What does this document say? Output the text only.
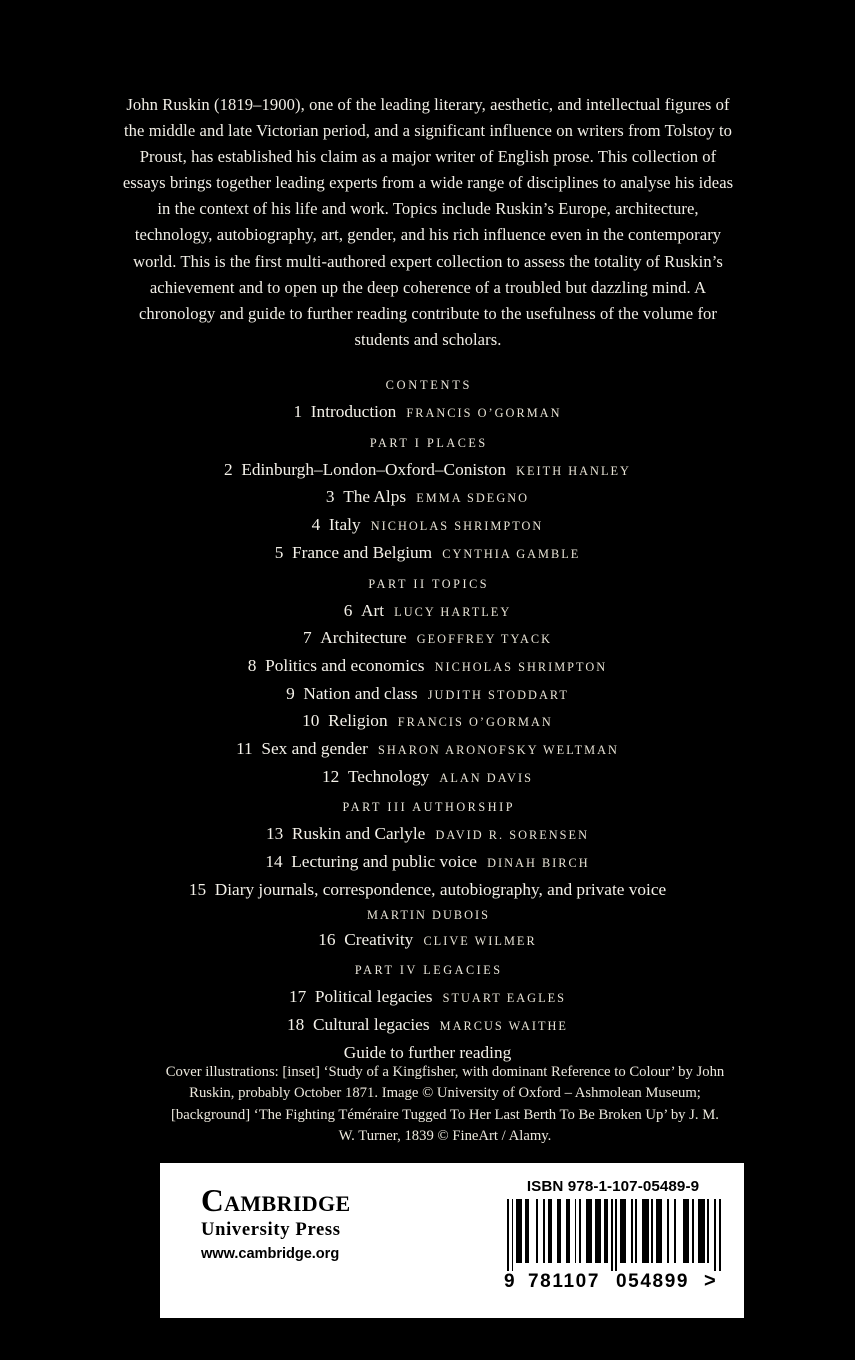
John Ruskin (1819–1900), one of the leading literary, aesthetic, and intellectual figures of the middle and late Victorian period, and a significant influence on writers from Tolstoy to Proust, has established his claim as a major writer of English prose. This collection of essays brings together leading experts from a wide range of disciplines to analyse his ideas in the context of his life and work. Topics include Ruskin’s Europe, architecture, technology, autobiography, art, gender, and his rich influence even in the contemporary world. This is the first multi-authored expert collection to assess the totality of Ruskin’s achievement and to open up the deep coherence of a troubled but dazzling mind. A chronology and guide to further reading contribute to the usefulness of the volume for students and scholars.

CONTENTS
1 Introduction FRANCIS O’GORMAN
PART I PLACES
2 Edinburgh–London–Oxford–Coniston KEITH HANLEY
3 The Alps EMMA SDEGNO
4 Italy NICHOLAS SHRIMPTON
5 France and Belgium CYNTHIA GAMBLE
PART II TOPICS
6 Art LUCY HARTLEY
7 Architecture GEOFFREY TYACK
8 Politics and economics NICHOLAS SHRIMPTON
9 Nation and class JUDITH STODDART
10 Religion FRANCIS O’GORMAN
11 Sex and gender SHARON ARONOFSKY WELTMAN
12 Technology ALAN DAVIS
PART III AUTHORSHIP
13 Ruskin and Carlyle DAVID R. SORENSEN
14 Lecturing and public voice DINAH BIRCH
15 Diary journals, correspondence, autobiography, and private voice
MARTIN DUBOIS
16 Creativity CLIVE WILMER
PART IV LEGACIES
17 Political legacies STUART EAGLES
18 Cultural legacies MARCUS WAITHE
Guide to further reading

Cover illustrations: [inset] ‘Study of a Kingfisher, with dominant Reference to Colour’ by John Ruskin, probably October 1871. Image © University of Oxford – Ashmolean Museum; [background] ‘The Fighting Téméraire Tugged To Her Last Berth To Be Broken Up’ by J. M. W. Turner, 1839 © FineArt / Alamy.

Cambridge
University Press
www.cambridge.org
ISBN 978-1-107-05489-9
9 781107 054899 >
